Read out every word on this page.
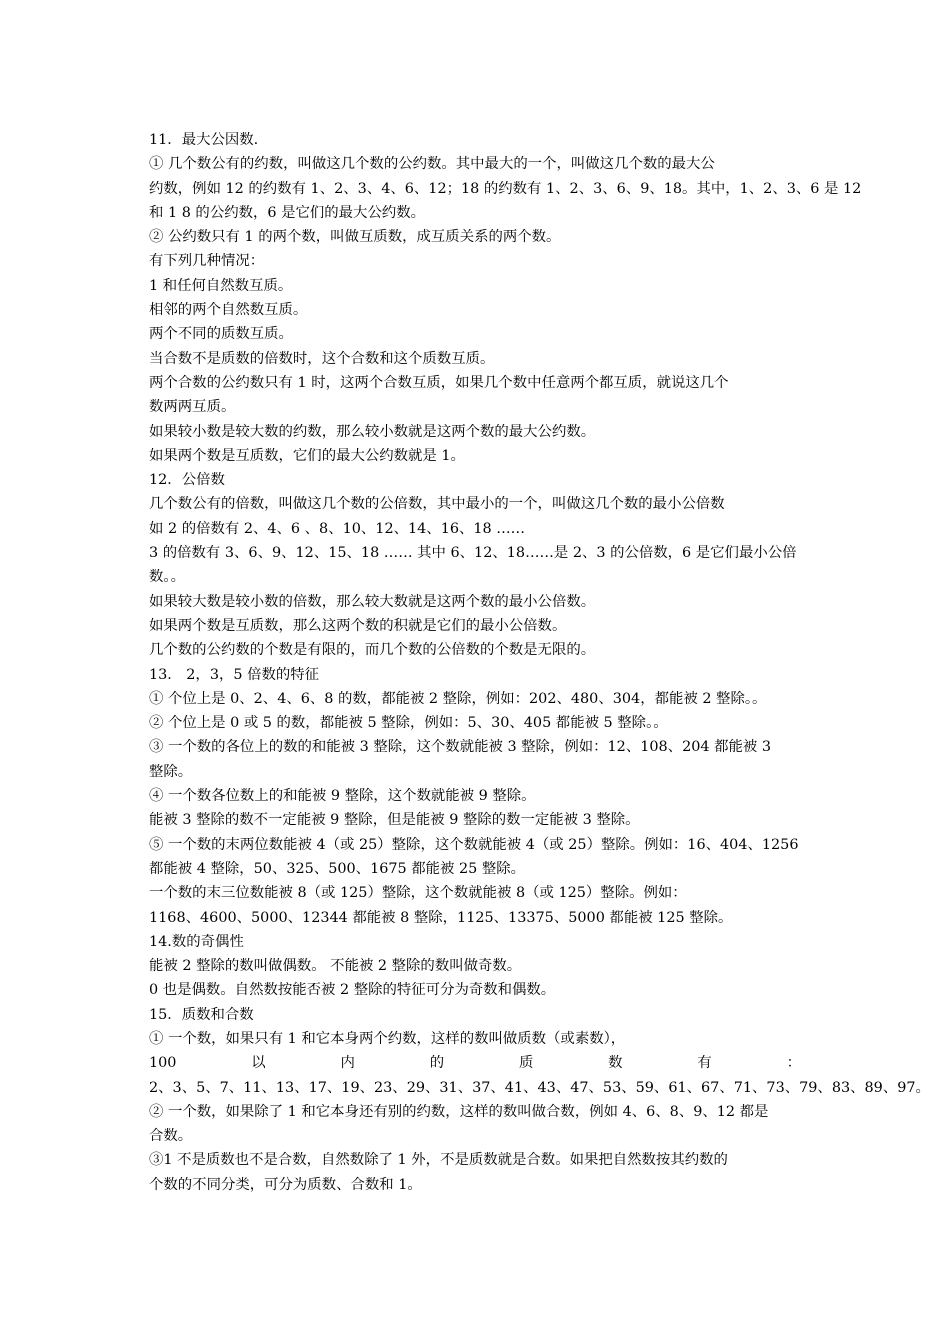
11．最大公因数.
① 几个数公有的约数，叫做这几个数的公约数。其中最大的一个，叫做这几个数的最大公
约数，例如 12 的约数有 1、2、3、4、6、12；18 的约数有 1、2、3、6、9、18。其中，1、2、3、6 是 12
和 1 8 的公约数，6 是它们的最大公约数。
② 公约数只有 1 的两个数，叫做互质数，成互质关系的两个数。
有下列几种情况：
1 和任何自然数互质。
相邻的两个自然数互质。
两个不同的质数互质。
当合数不是质数的倍数时，这个合数和这个质数互质。
两个合数的公约数只有 1 时，这两个合数互质，如果几个数中任意两个都互质，就说这几个
数两两互质。
如果较小数是较大数的约数，那么较小数就是这两个数的最大公约数。
如果两个数是互质数，它们的最大公约数就是 1。
12．公倍数
几个数公有的倍数，叫做这几个数的公倍数，其中最小的一个，叫做这几个数的最小公倍数
如 2 的倍数有 2、4、6 、8、10、12、14、16、18 ……
3 的倍数有 3、6、9、12、15、18 …… 其中 6、12、18……是 2、3 的公倍数，6 是它们最小公倍
数。。
如果较大数是较小数的倍数，那么较大数就是这两个数的最小公倍数。
如果两个数是互质数，那么这两个数的积就是它们的最小公倍数。
几个数的公约数的个数是有限的，而几个数的公倍数的个数是无限的。
13． 2，3，5 倍数的特征
① 个位上是 0、2、4、6、8 的数，都能被 2 整除，例如：202、480、304，都能被 2 整除。。
② 个位上是 0 或 5 的数，都能被 5 整除，例如：5、30、405 都能被 5 整除。。
③ 一个数的各位上的数的和能被 3 整除，这个数就能被 3 整除，例如：12、108、204 都能被 3
整除。
④ 一个数各位数上的和能被 9 整除，这个数就能被 9 整除。
能被 3 整除的数不一定能被 9 整除，但是能被 9 整除的数一定能被 3 整除。
⑤ 一个数的末两位数能被 4（或 25）整除，这个数就能被 4（或 25）整除。例如：16、404、1256
都能被 4 整除，50、325、500、1675 都能被 25 整除。
一个数的末三位数能被 8（或 125）整除，这个数就能被 8（或 125）整除。例如：
1168、4600、5000、12344 都能被 8 整除，1125、13375、5000 都能被 125 整除。
14.数的奇偶性
能被 2 整除的数叫做偶数。 不能被 2 整除的数叫做奇数。
0 也是偶数。自然数按能否被 2 整除的特征可分为奇数和偶数。
15．质数和合数
① 一个数，如果只有 1 和它本身两个约数，这样的数叫做质数（或素数），
100	以	内	的	质	数	有	：
2、3、5、7、11、13、17、19、23、29、31、37、41、43、47、53、59、61、67、71、73、79、83、89、97。
② 一个数，如果除了 1 和它本身还有别的约数，这样的数叫做合数，例如 4、6、8、9、12 都是
合数。
③1 不是质数也不是合数，自然数除了 1 外，不是质数就是合数。如果把自然数按其约数的
个数的不同分类，可分为质数、合数和 1。
